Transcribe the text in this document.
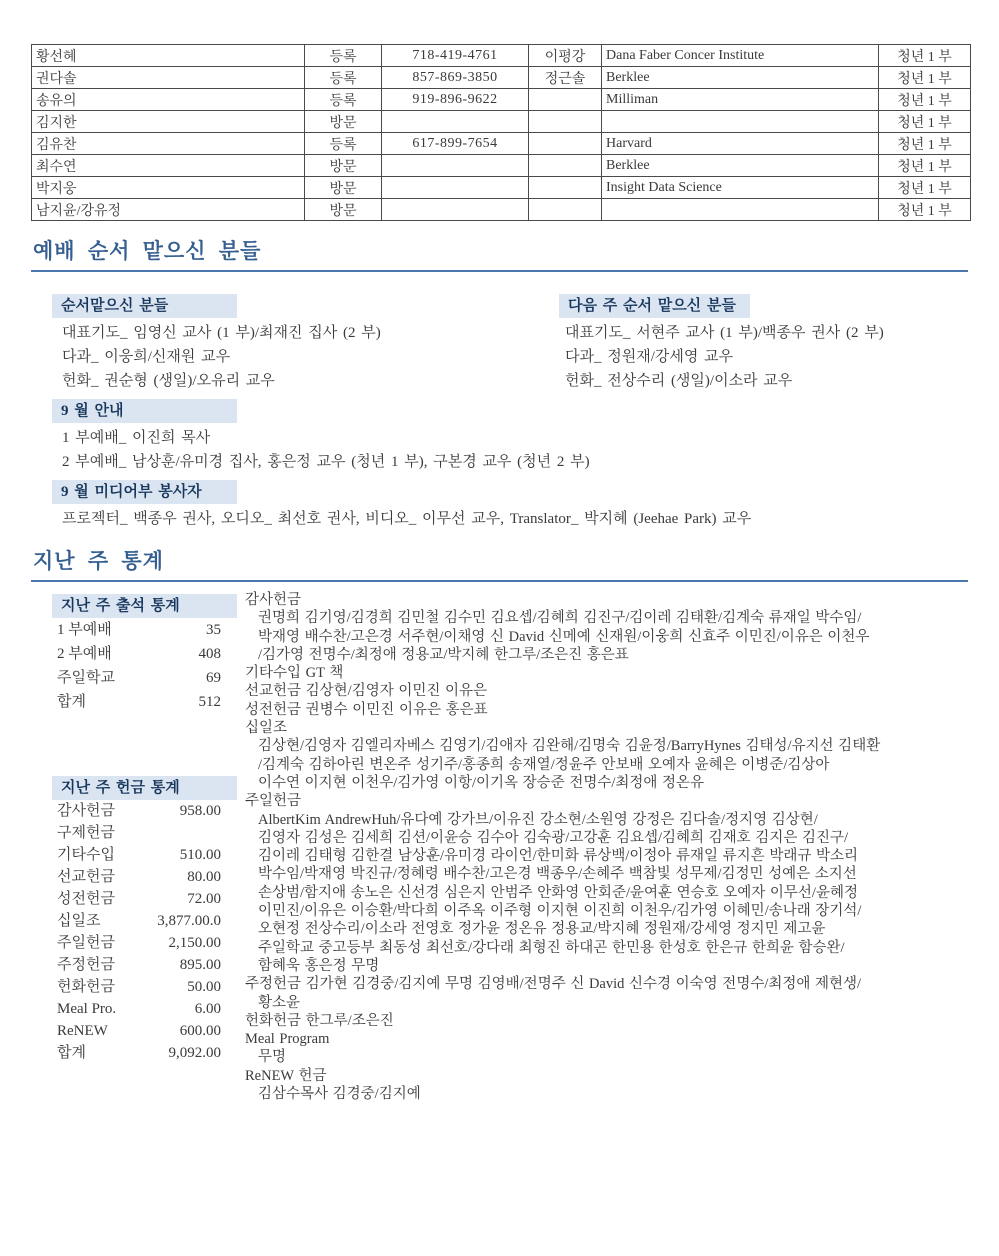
황선혜	등록	718-419-4761	이평강	Dana Faber Concer Institute	청년 1 부
권다솔	등록	857-869-3850	정근솔	Berklee	청년 1 부
송유의	등록	919-896-9622		Milliman	청년 1 부
김지한	방문				청년 1 부
김유찬	등록	617-899-7654		Harvard	청년 1 부
최수연	방문			Berklee	청년 1 부
박지웅	방문			Insight Data Science	청년 1 부
남지윤/강유정	방문				청년 1 부
예배 순서 맡으신 분들
순서맡으신 분들
대표기도_ 임영신 교사 (1 부)/최재진 집사 (2 부)
다과_ 이웅희/신재원 교우
헌화_ 권순형 (생일)/오유리 교우
다음 주 순서 맡으신 분들
대표기도_ 서현주 교사 (1 부)/백종우 권사 (2 부)
다과_ 정원재/강세영 교우
헌화_ 전상수리 (생일)/이소라 교우
9 월 안내
1 부예배_ 이진희 목사
2 부예배_ 남상훈/유미경 집사, 홍은정 교우 (청년 1 부), 구본경 교우 (청년 2 부)
9 월 미디어부 봉사자
프로젝터_ 백종우 권사, 오디오_ 최선호 권사, 비디오_ 이무선 교우, Translator_ 박지혜 (Jeehae Park) 교우
지난 주 통계
지난 주 출석 통계
1 부예배	35
2 부예배	408
주일학교	69
합계	512
지난 주 헌금 통계
감사헌금	958.00
구제헌금
기타수입	510.00
선교헌금	80.00
성전헌금	72.00
십일조	3,877.00.0
주일헌금	2,150.00
주정헌금	895.00
헌화헌금	50.00
Meal Pro.	6.00
ReNEW	600.00
합계	9,092.00
감사헌금
권명희 김기영/김경희 김민철 김수민 김요셉/김혜희 김진구/김이레 김태환/김계숙 류재일 박수임/
박재영 배수찬/고은경 서주현/이채영 신 David 신메예 신재원/이웅희 신효주 이민진/이유은 이천우
/김가영 전명수/최정애 정용교/박지혜 한그루/조은진 홍은표
기타수입 GT 책
선교헌금 김상현/김영자 이민진 이유은
성전헌금 권병수 이민진 이유은 홍은표
십일조
김상현/김영자 김엘리자베스 김영기/김애자 김완해/김명숙 김윤정/BarryHynes 김태성/유지선 김태환
/김계숙 김하아린 변온주 성기주/홍종희 송재열/정윤주 안보배 오예자 윤혜은 이병준/김상아
이수연 이지현 이천우/김가영 이항/이기옥 장승준 전명수/최정애 정온유
주일헌금
AlbertKim AndrewHuh/유다예 강가브/이유진 강소현/소원영 강정은 김다솔/정지영 김상현/
김영자 김성은 김세희 김션/이윤승 김수아 김숙광/고강훈 김요셉/김혜희 김재호 김지은 김진구/
김이레 김태형 김한결 남상훈/유미경 라이언/한미화 류상백/이정아 류재일 류지흔 박래규 박소리
박수임/박재영 박진규/정혜령 배수찬/고은경 백종우/손혜주 백참빛 성무제/김정민 성예은 소지선
손상범/함지애 송노은 신선경 심은지 안범주 안화영 안회준/윤여훈 연승호 오예자 이무선/윤혜정
이민진/이유은 이승환/박다희 이주옥 이주형 이지현 이진희 이천우/김가영 이혜민/송나래 장기석/
오현정 전상수리/이소라 전영호 정가윤 정온유 정용교/박지혜 정원재/강세영 정지민 제고윤
주일학교 중고등부 최동성 최선호/강다래 최형진 하대곤 한민용 한성호 한은규 한희윤 함승완/
함혜욱 홍은정 무명
주정헌금 김가현 김경중/김지예 무명 김영배/전명주 신 David 신수경 이숙영 전명수/최정애 제현생/
황소윤
헌화헌금 한그루/조은진
Meal Program
무명
ReNEW 헌금
김삼수목사 김경중/김지예
